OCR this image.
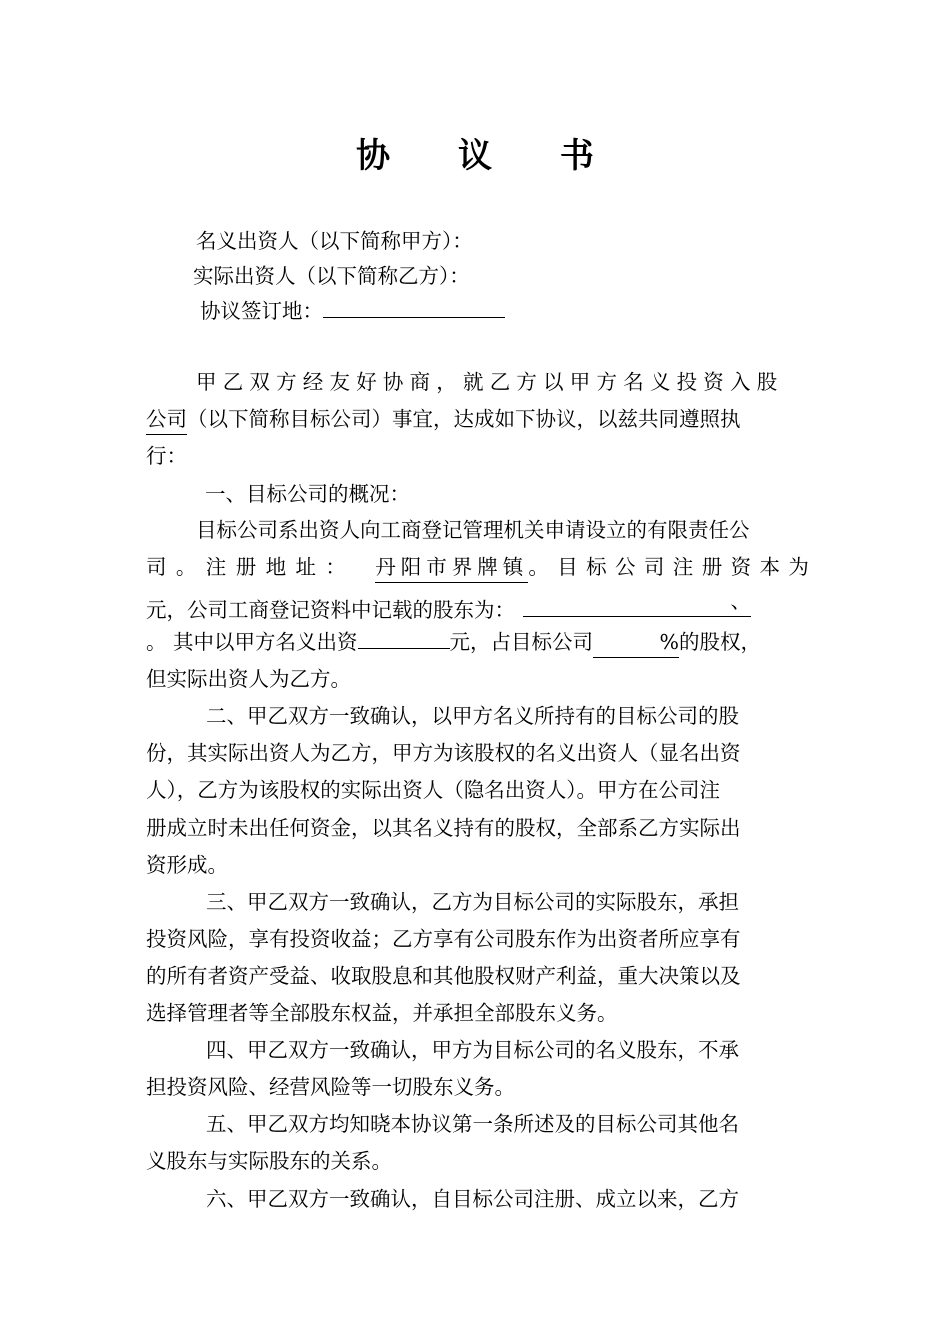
协 议 书
名义出资人（以下简称甲方）：
实际出资人（以下简称乙方）：
协议签订地：
甲乙双方经友好协商，就乙方以甲方名义投资入股
公司（以下简称目标公司）事宜，达成如下协议，以兹共同遵照执
行：
一、目标公司的概况：
目标公司系出资人向工商登记管理机关申请设立的有限责任公
司。注册地址： 丹阳市界牌镇。目标公司注册资本为
元，公司工商登记资料中记载的股东为：	、
。 其中以甲方名义出资	元，占目标公司	%的股权，
但实际出资人为乙方。
二、甲乙双方一致确认，以甲方名义所持有的目标公司的股
份，其实际出资人为乙方，甲方为该股权的名义出资人（显名出资
人），乙方为该股权的实际出资人（隐名出资人）。甲方在公司注
册成立时未出任何资金，以其名义持有的股权，全部系乙方实际出
资形成。
三、甲乙双方一致确认，乙方为目标公司的实际股东，承担
投资风险，享有投资收益；乙方享有公司股东作为出资者所应享有
的所有者资产受益、收取股息和其他股权财产利益，重大决策以及
选择管理者等全部股东权益，并承担全部股东义务。
四、甲乙双方一致确认，甲方为目标公司的名义股东，不承
担投资风险、经营风险等一切股东义务。
五、甲乙双方均知晓本协议第一条所述及的目标公司其他名
义股东与实际股东的关系。
六、甲乙双方一致确认，自目标公司注册、成立以来，乙方
